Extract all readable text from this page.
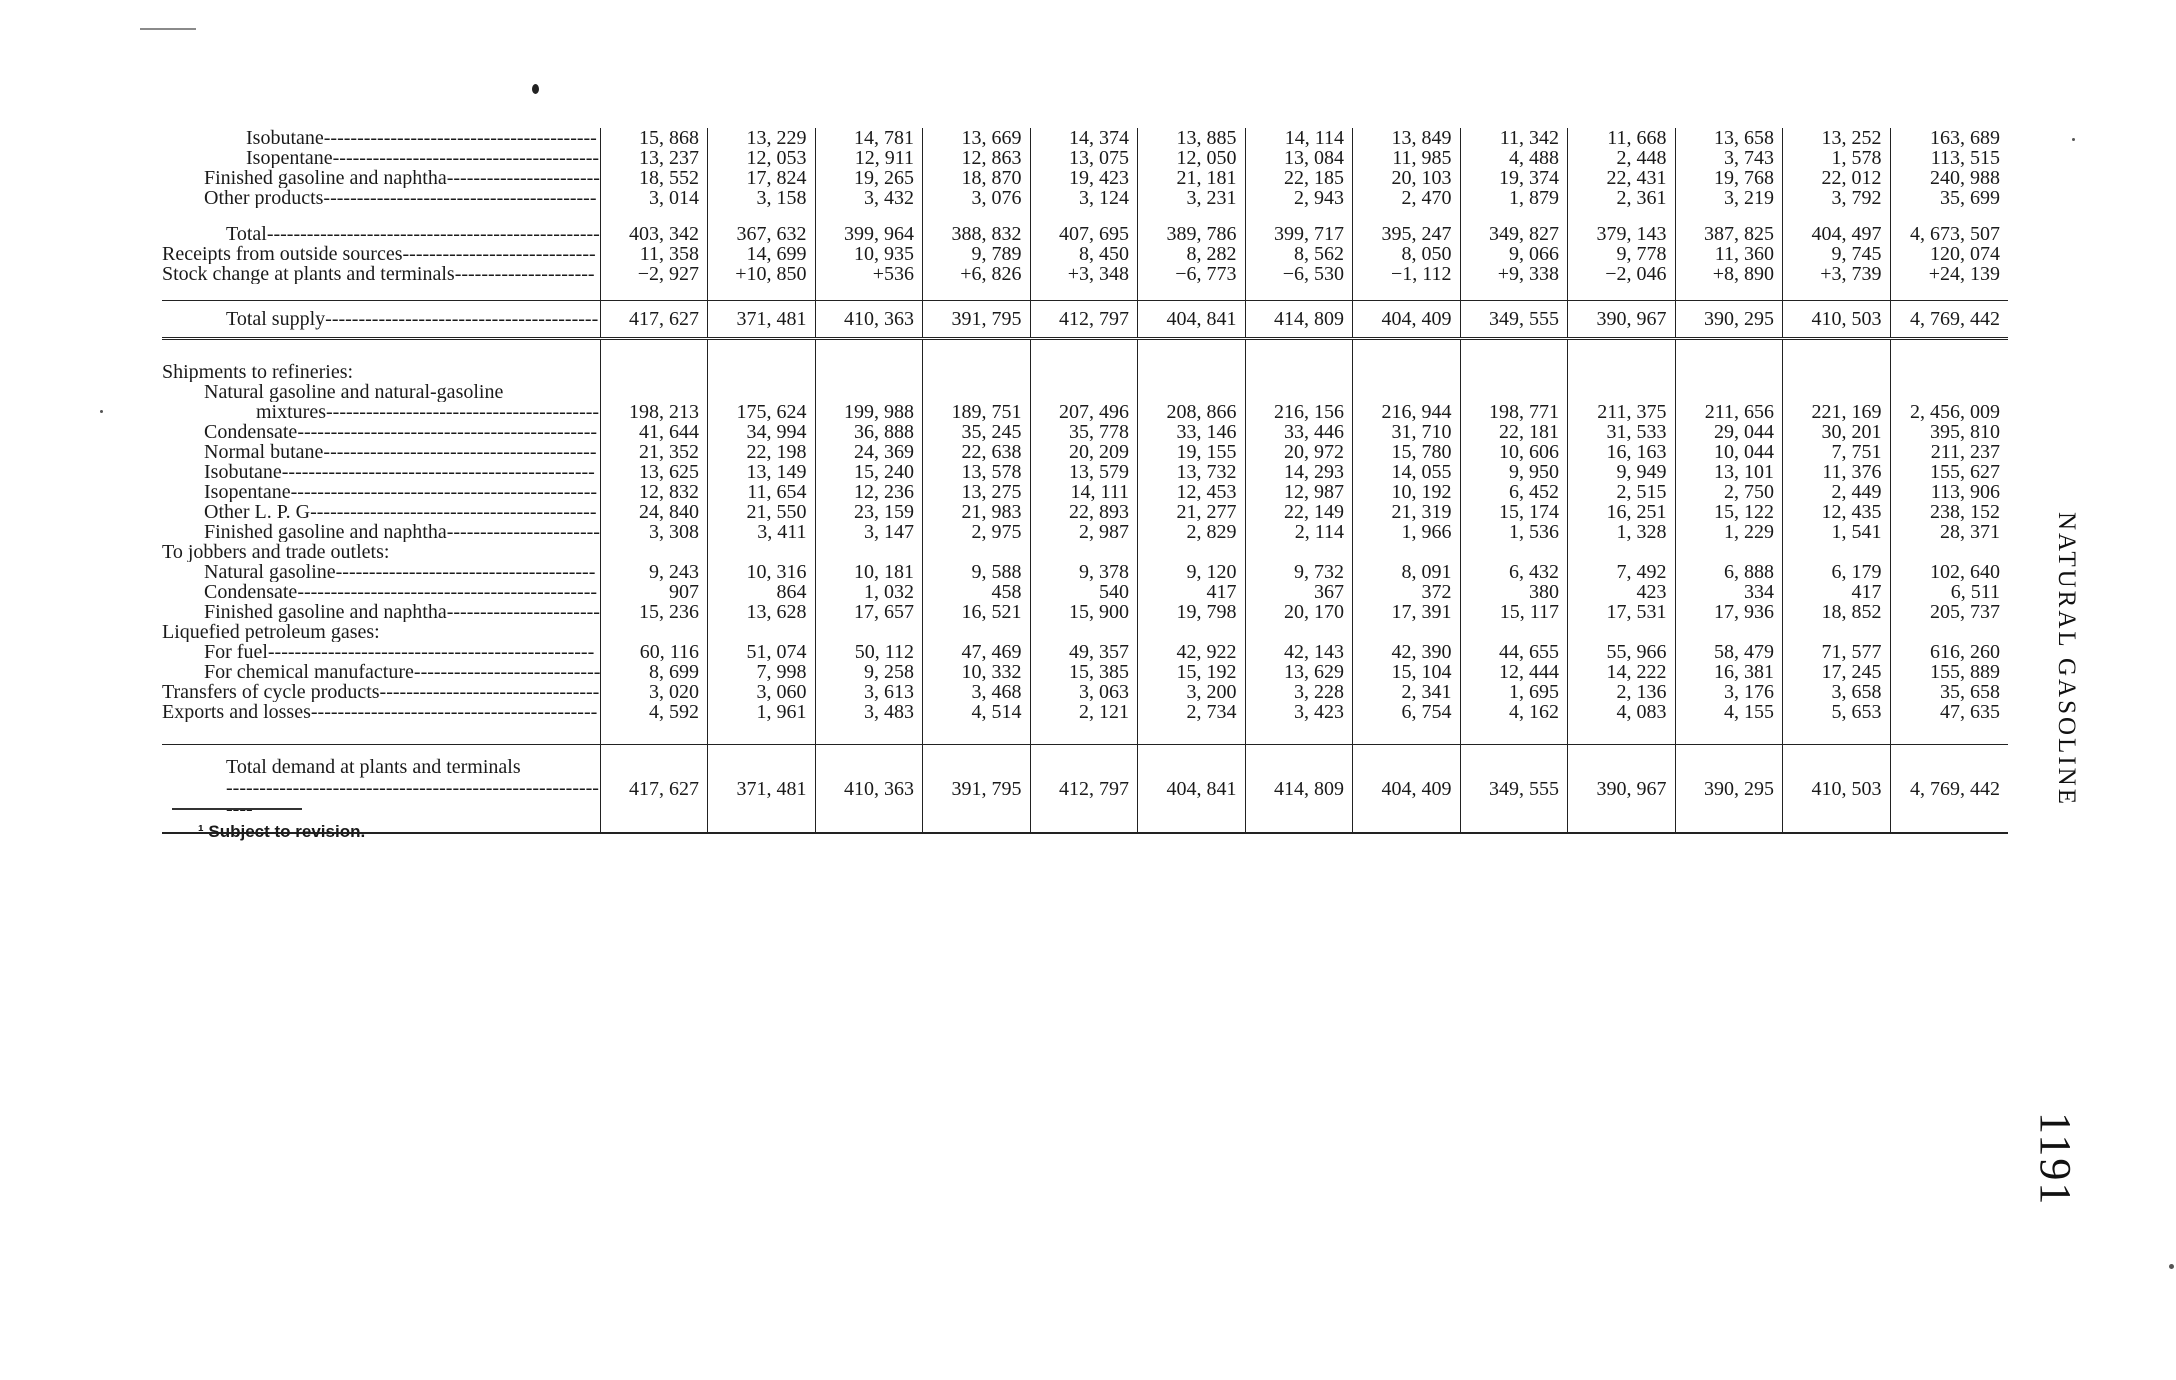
Isobutane-----------------------------------------	15, 868	13, 229	14, 781	13, 669	14, 374	13, 885	14, 114	13, 849	11, 342	11, 668	13, 658	13, 252	163, 689
Isopentane----------------------------------------	13, 237	12, 053	12, 911	12, 863	13, 075	12, 050	13, 084	11, 985	4, 488	2, 448	3, 743	1, 578	113, 515
Finished gasoline and naphtha-----------------------	18, 552	17, 824	19, 265	18, 870	19, 423	21, 181	22, 185	20, 103	19, 374	22, 431	19, 768	22, 012	240, 988
Other products-----------------------------------------	3, 014	3, 158	3, 432	3, 076	3, 124	3, 231	2, 943	2, 470	1, 879	2, 361	3, 219	3, 792	35, 699

Total--------------------------------------------------	403, 342	367, 632	399, 964	388, 832	407, 695	389, 786	399, 717	395, 247	349, 827	379, 143	387, 825	404, 497	4, 673, 507
Receipts from outside sources-----------------------------	11, 358	14, 699	10, 935	9, 789	8, 450	8, 282	8, 562	8, 050	9, 066	9, 778	11, 360	9, 745	120, 074
Stock change at plants and terminals---------------------	−2, 927	+10, 850	+536	+6, 826	+3, 348	−6, 773	−6, 530	−1, 112	+9, 338	−2, 046	+8, 890	+3, 739	+24, 139

Total supply-----------------------------------------	417, 627	371, 481	410, 363	391, 795	412, 797	404, 841	414, 809	404, 409	349, 555	390, 967	390, 295	410, 503	4, 769, 442

Shipments to refineries:													
Natural gasoline and natural-gasoline													
mixtures-----------------------------------------	198, 213	175, 624	199, 988	189, 751	207, 496	208, 866	216, 156	216, 944	198, 771	211, 375	211, 656	221, 169	2, 456, 009
Condensate---------------------------------------------	41, 644	34, 994	36, 888	35, 245	35, 778	33, 146	33, 446	31, 710	22, 181	31, 533	29, 044	30, 201	395, 810
Normal butane-----------------------------------------	21, 352	22, 198	24, 369	22, 638	20, 209	19, 155	20, 972	15, 780	10, 606	16, 163	10, 044	7, 751	211, 237
Isobutane-----------------------------------------------	13, 625	13, 149	15, 240	13, 578	13, 579	13, 732	14, 293	14, 055	9, 950	9, 949	13, 101	11, 376	155, 627
Isopentane----------------------------------------------	12, 832	11, 654	12, 236	13, 275	14, 111	12, 453	12, 987	10, 192	6, 452	2, 515	2, 750	2, 449	113, 906
Other L. P. G-------------------------------------------	24, 840	21, 550	23, 159	21, 983	22, 893	21, 277	22, 149	21, 319	15, 174	16, 251	15, 122	12, 435	238, 152
Finished gasoline and naphtha-----------------------	3, 308	3, 411	3, 147	2, 975	2, 987	2, 829	2, 114	1, 966	1, 536	1, 328	1, 229	1, 541	28, 371
To jobbers and trade outlets:													
Natural gasoline---------------------------------------	9, 243	10, 316	10, 181	9, 588	9, 378	9, 120	9, 732	8, 091	6, 432	7, 492	6, 888	6, 179	102, 640
Condensate---------------------------------------------	907	864	1, 032	458	540	417	367	372	380	423	334	417	6, 511
Finished gasoline and naphtha-----------------------	15, 236	13, 628	17, 657	16, 521	15, 900	19, 798	20, 170	17, 391	15, 117	17, 531	17, 936	18, 852	205, 737
Liquefied petroleum gases:													
For fuel-------------------------------------------------	60, 116	51, 074	50, 112	47, 469	49, 357	42, 922	42, 143	42, 390	44, 655	55, 966	58, 479	71, 577	616, 260
For chemical manufacture----------------------------	8, 699	7, 998	9, 258	10, 332	15, 385	15, 192	13, 629	15, 104	12, 444	14, 222	16, 381	17, 245	155, 889
Transfers of cycle products---------------------------------	3, 020	3, 060	3, 613	3, 468	3, 063	3, 200	3, 228	2, 341	1, 695	2, 136	3, 176	3, 658	35, 658
Exports and losses-------------------------------------------	4, 592	1, 961	3, 483	4, 514	2, 121	2, 734	3, 423	6, 754	4, 162	4, 083	4, 155	5, 653	47, 635

Total demand at plants and terminals------------------------------------------------------------	417, 627	371, 481	410, 363	391, 795	412, 797	404, 841	414, 809	404, 409	349, 555	390, 967	390, 295	410, 503	4, 769, 442
¹ Subject to revision.
NATURAL GASOLINE
1191
